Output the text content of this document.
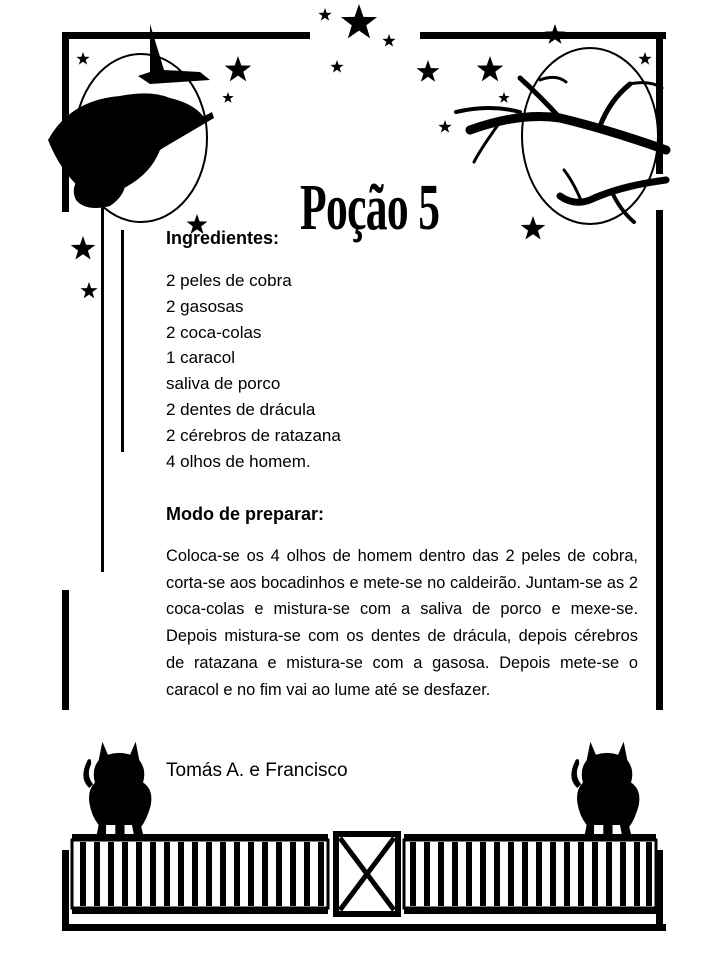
Poção 5
Ingredientes:
2 peles de cobra
2 gasosas
2 coca-colas
1 caracol
saliva de porco
2 dentes de drácula
2 cérebros de ratazana
4 olhos de homem.
Modo de preparar:

Coloca-se os 4 olhos de homem dentro das 2 peles de cobra, corta-se aos bocadinhos e mete-se no caldeirão. Juntam-se as 2 coca-colas e mistura-se com a saliva de porco e mexe-se. Depois mistura-se com os dentes de drácula, depois cérebros de ratazana e mistura-se com a gasosa. Depois mete-se o caracol e no fim vai ao lume até se desfazer.

Tomás A. e Francisco
